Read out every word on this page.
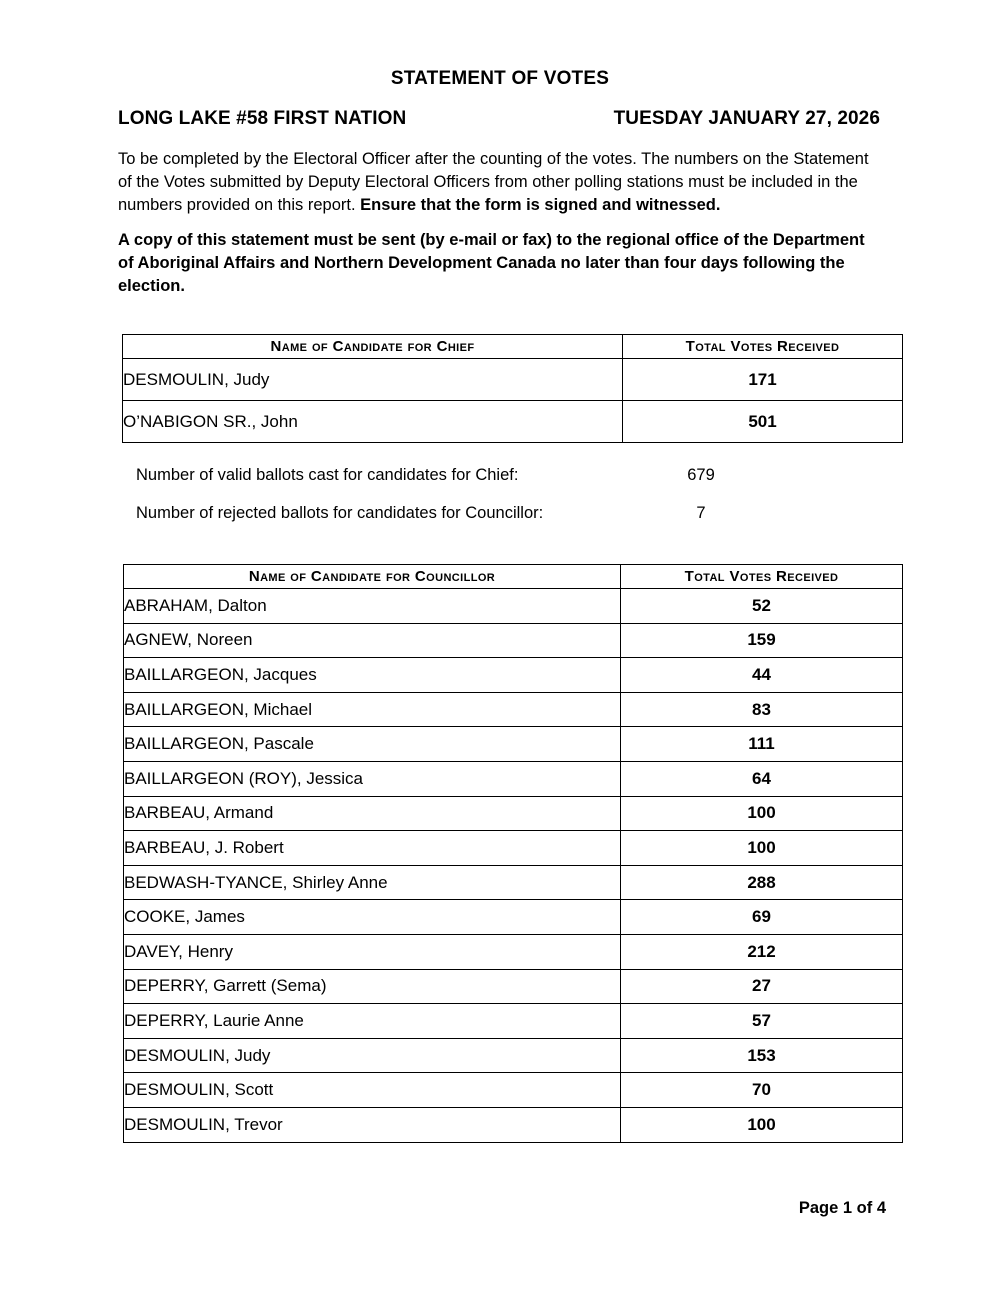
STATEMENT OF VOTES
LONG LAKE #58 FIRST NATION	TUESDAY JANUARY 27, 2026
To be completed by the Electoral Officer after the counting of the votes. The numbers on the Statement of the Votes submitted by Deputy Electoral Officers from other polling stations must be included in the numbers provided on this report. Ensure that the form is signed and witnessed.
A copy of this statement must be sent (by e-mail or fax) to the regional office of the Department of Aboriginal Affairs and Northern Development Canada no later than four days following the election.
Name of Candidate for Chief	Total Votes Received
DESMOULIN, Judy	171
O’NABIGON SR., John	501
Number of valid ballots cast for candidates for Chief:	679
Number of rejected ballots for candidates for Councillor:	7
Name of Candidate for Councillor	Total Votes Received
ABRAHAM, Dalton	52
AGNEW, Noreen	159
BAILLARGEON, Jacques	44
BAILLARGEON, Michael	83
BAILLARGEON, Pascale	111
BAILLARGEON (ROY), Jessica	64
BARBEAU, Armand	100
BARBEAU, J. Robert	100
BEDWASH-TYANCE, Shirley Anne	288
COOKE, James	69
DAVEY, Henry	212
DEPERRY, Garrett (Sema)	27
DEPERRY, Laurie Anne	57
DESMOULIN, Judy	153
DESMOULIN, Scott	70
DESMOULIN, Trevor	100
Page 1 of 4
